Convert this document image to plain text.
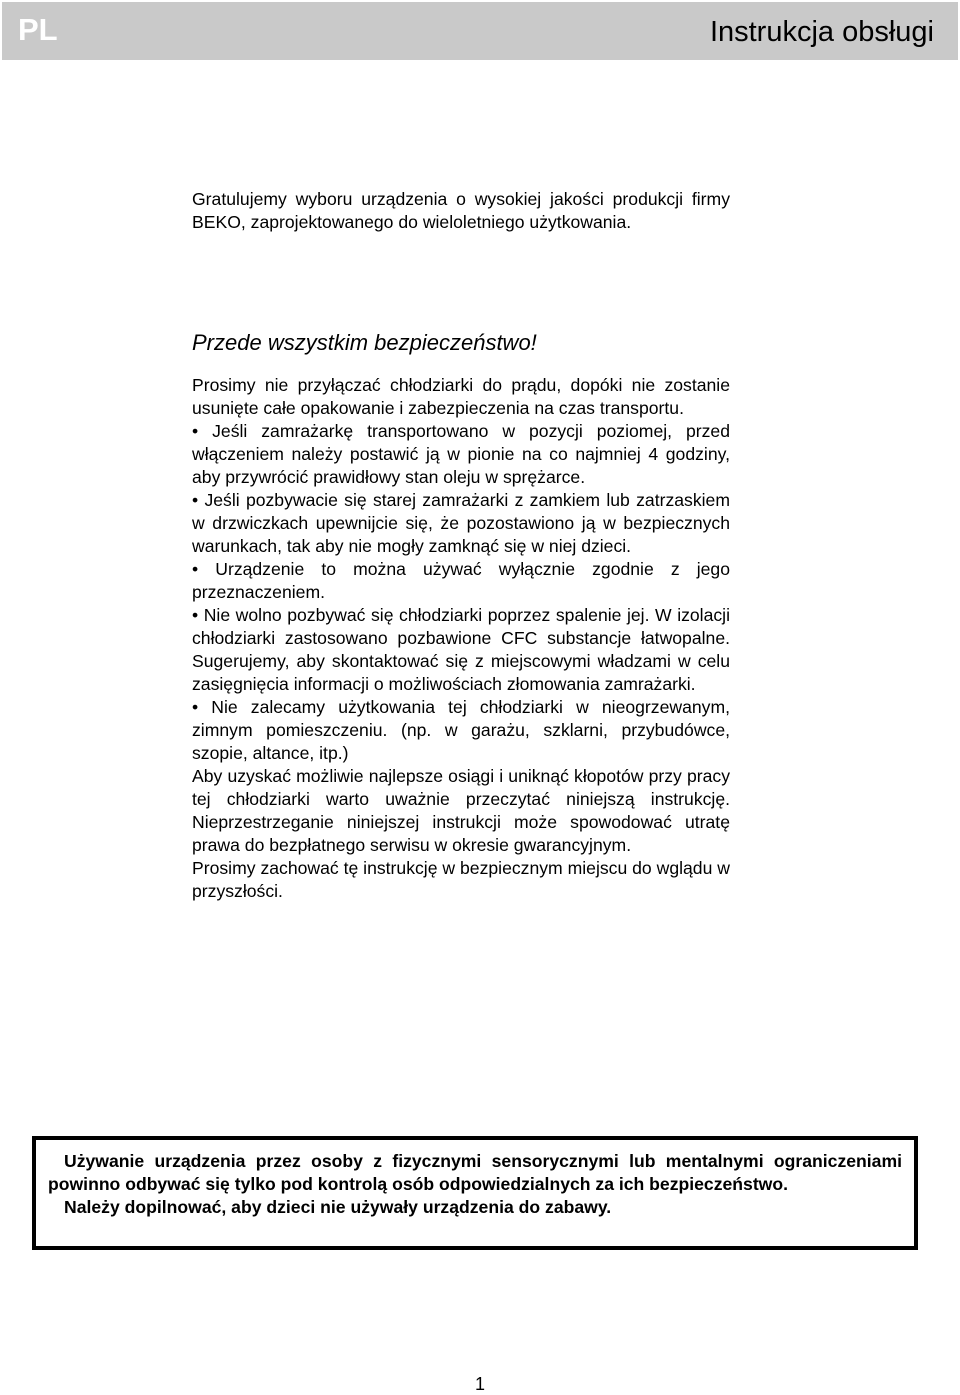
PL	Instrukcja obsługi

Gratulujemy wyboru urządzenia o wysokiej jakości produkcji firmy BEKO, zaprojektowanego do wieloletniego użytkowania.

Przede wszystkim bezpieczeństwo!

Prosimy nie przyłączać chłodziarki do prądu, dopóki nie zostanie usunięte całe opakowanie i zabezpieczenia na czas transportu.

• Jeśli zamrażarkę transportowano w pozycji poziomej, przed włączeniem należy postawić ją w pionie na co najmniej 4 godziny, aby przywrócić prawidłowy stan oleju w sprężarce.

• Jeśli pozbywacie się starej zamrażarki z zamkiem lub zatrzaskiem w drzwiczkach upewnijcie się, że pozostawiono ją w bezpiecznych warunkach, tak aby nie mogły zamknąć się w niej dzieci.

• Urządzenie to można używać wyłącznie zgodnie z jego przeznaczeniem.

• Nie wolno pozbywać się chłodziarki poprzez spalenie jej. W izolacji chłodziarki zastosowano pozbawione CFC substancje łatwopalne. Sugerujemy, aby skontaktować się z miejscowymi władzami w celu zasięgnięcia informacji o możliwościach złomowania zamrażarki.

• Nie zalecamy użytkowania tej chłodziarki w nieogrzewanym, zimnym pomieszczeniu. (np. w garażu, szklarni, przybudówce, szopie, altance, itp.)

Aby uzyskać możliwie najlepsze osiągi i uniknąć kłopotów przy pracy tej chłodziarki warto uważnie przeczytać niniejszą instrukcję. Nieprzestrzeganie niniejszej instrukcji może spowodować utratę prawa do bezpłatnego serwisu w okresie gwarancyjnym.

Prosimy zachować tę instrukcję w bezpiecznym miejscu do wglądu w przyszłości.

Używanie urządzenia przez osoby z fizycznymi sensorycznymi lub mentalnymi ograniczeniami powinno odbywać się tylko pod kontrolą osób odpowiedzialnych za ich bezpieczeństwo.

Należy dopilnować, aby dzieci nie używały urządzenia do zabawy.

1
